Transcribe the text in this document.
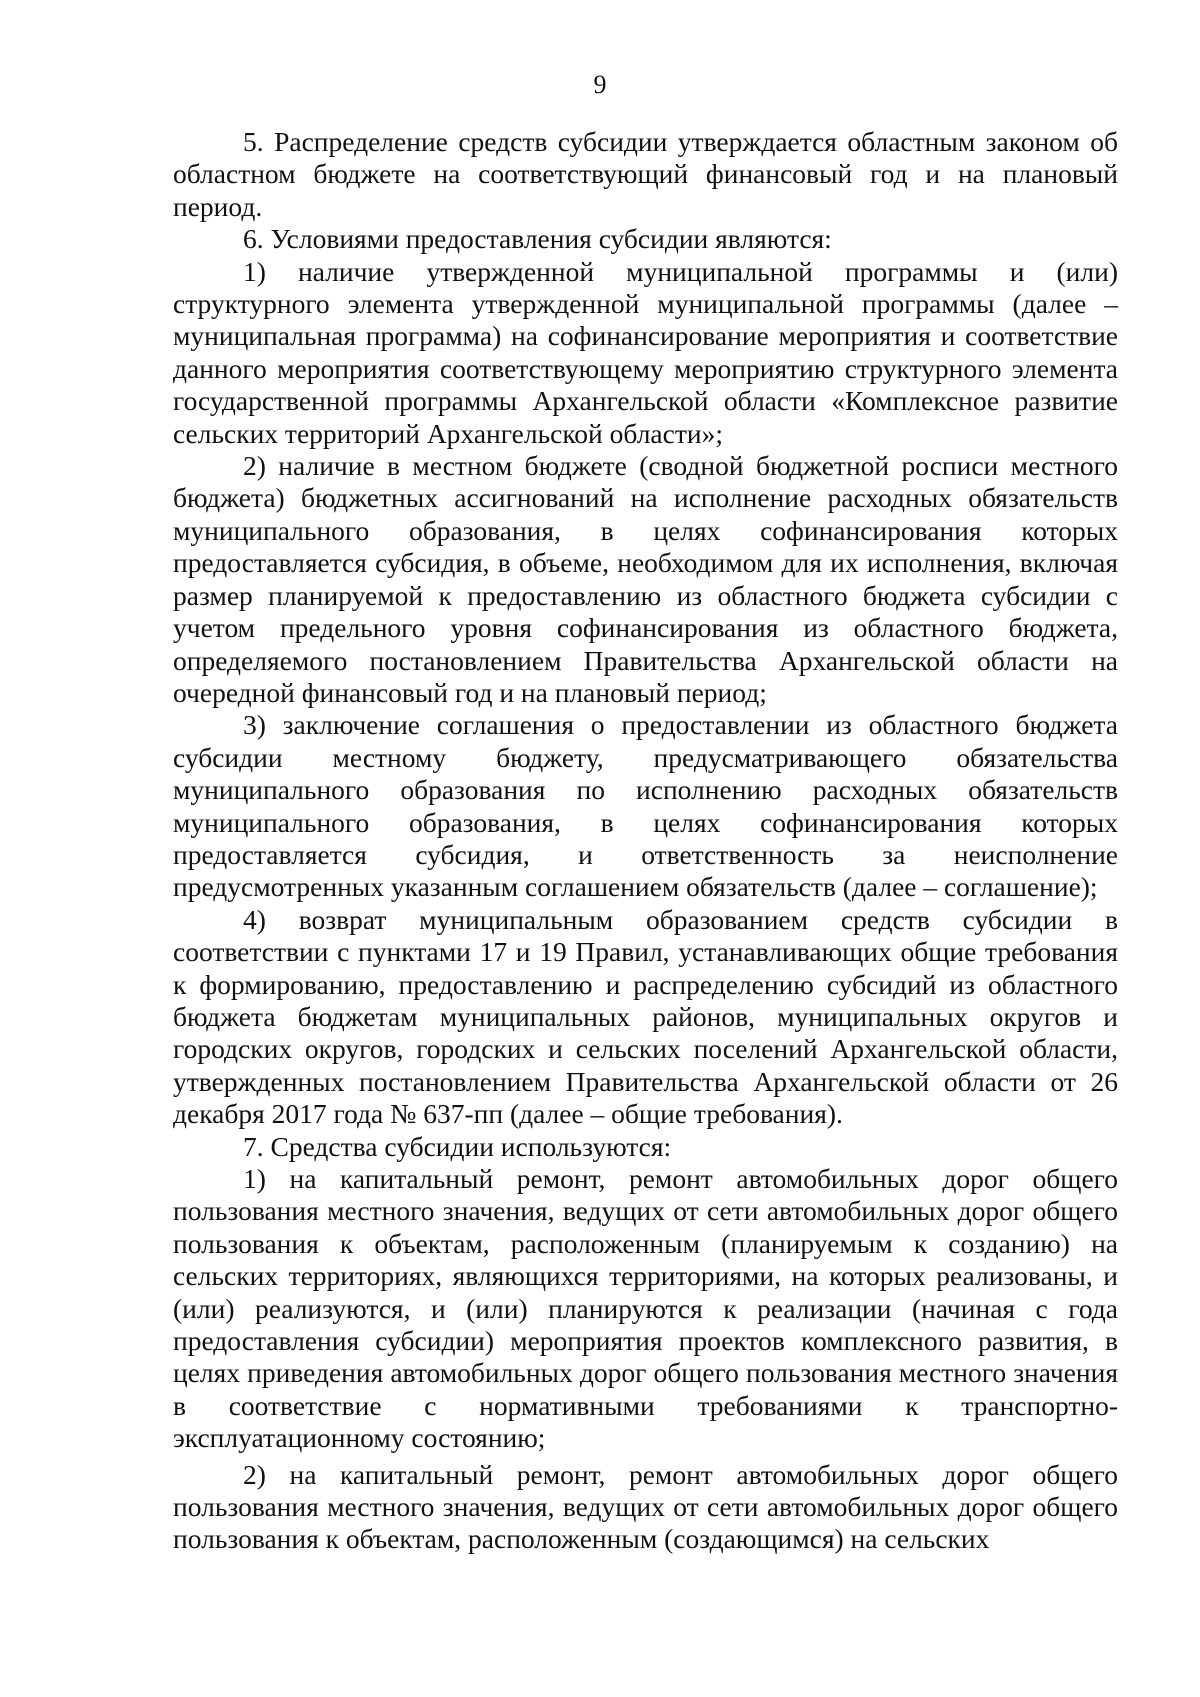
9

5. Распределение средств субсидии утверждается областным законом об областном бюджете на соответствующий финансовый год и на плановый период.

6. Условиями предоставления субсидии являются:

1) наличие утвержденной муниципальной программы и (или) структурного элемента утвержденной муниципальной программы (далее – муниципальная программа) на софинансирование мероприятия и соответствие данного мероприятия соответствующему мероприятию структурного элемента государственной программы Архангельской области «Комплексное развитие сельских территорий Архангельской области»;

2) наличие в местном бюджете (сводной бюджетной росписи местного бюджета) бюджетных ассигнований на исполнение расходных обязательств муниципального образования, в целях софинансирования которых предоставляется субсидия, в объеме, необходимом для их исполнения, включая размер планируемой к предоставлению из областного бюджета субсидии с учетом предельного уровня софинансирования из областного бюджета, определяемого постановлением Правительства Архангельской области на очередной финансовый год и на плановый период;

3) заключение соглашения о предоставлении из областного бюджета субсидии местному бюджету, предусматривающего обязательства муниципального образования по исполнению расходных обязательств муниципального образования, в целях софинансирования которых предоставляется субсидия, и ответственность за неисполнение предусмотренных указанным соглашением обязательств (далее – соглашение);

4) возврат муниципальным образованием средств субсидии в соответствии с пунктами 17 и 19 Правил, устанавливающих общие требования к формированию, предоставлению и распределению субсидий из областного бюджета бюджетам муниципальных районов, муниципальных округов и городских округов, городских и сельских поселений Архангельской области, утвержденных постановлением Правительства Архангельской области от 26 декабря 2017 года № 637-пп (далее – общие требования).

7. Средства субсидии используются:

1) на капитальный ремонт, ремонт автомобильных дорог общего пользования местного значения, ведущих от сети автомобильных дорог общего пользования к объектам, расположенным (планируемым к созданию) на сельских территориях, являющихся территориями, на которых реализованы, и (или) реализуются, и (или) планируются к реализации (начиная с года предоставления субсидии) мероприятия проектов комплексного развития, в целях приведения автомобильных дорог общего пользования местного значения в соответствие с нормативными требованиями к транспортно-эксплуатационному состоянию;

2) на капитальный ремонт, ремонт автомобильных дорог общего пользования местного значения, ведущих от сети автомобильных дорог общего пользования к объектам, расположенным (создающимся) на сельских
